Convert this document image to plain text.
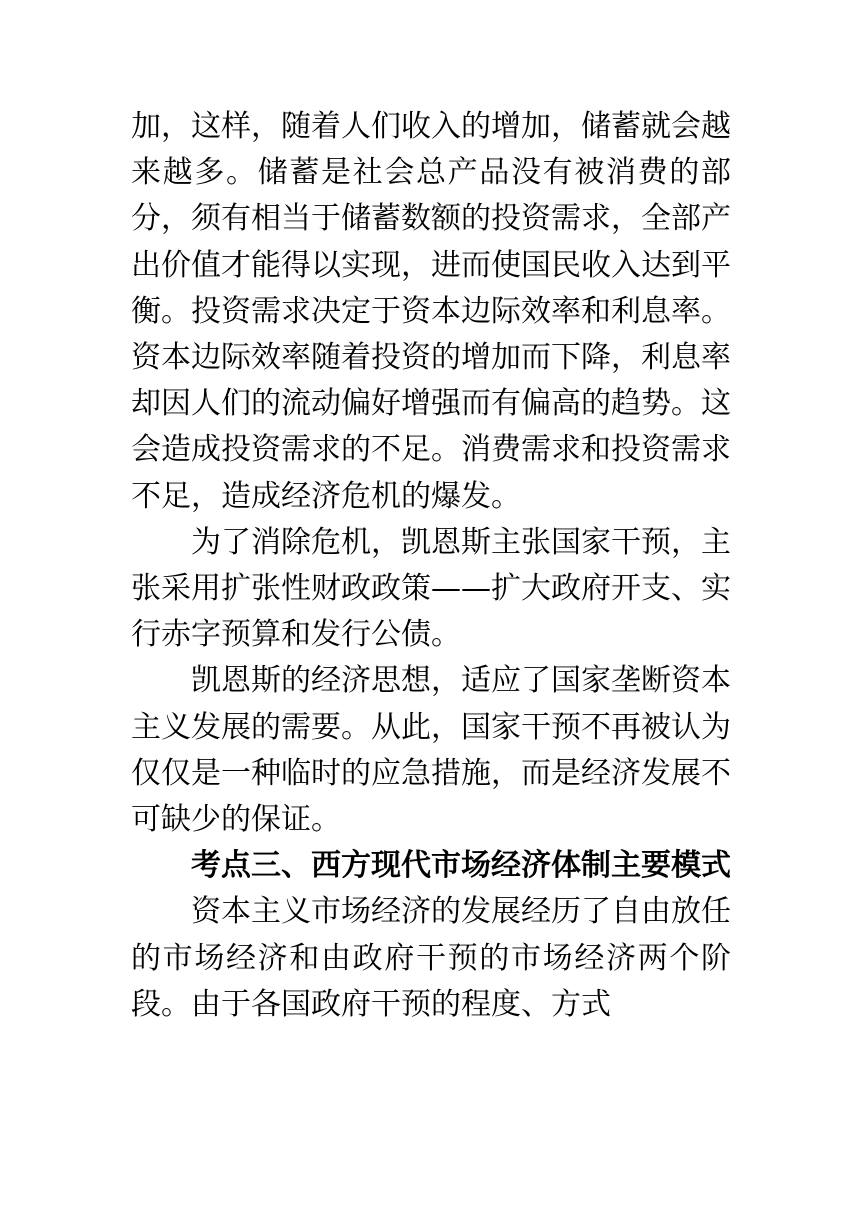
加，这样，随着人们收入的增加，储蓄就会越来越多。储蓄是社会总产品没有被消费的部分，须有相当于储蓄数额的投资需求，全部产出价值才能得以实现，进而使国民收入达到平衡。投资需求决定于资本边际效率和利息率。资本边际效率随着投资的增加而下降，利息率却因人们的流动偏好增强而有偏高的趋势。这会造成投资需求的不足。消费需求和投资需求不足，造成经济危机的爆发。

为了消除危机，凯恩斯主张国家干预，主张采用扩张性财政政策——扩大政府开支、实行赤字预算和发行公债。

凯恩斯的经济思想，适应了国家垄断资本主义发展的需要。从此，国家干预不再被认为仅仅是一种临时的应急措施，而是经济发展不可缺少的保证。

考点三、西方现代市场经济体制主要模式

资本主义市场经济的发展经历了自由放任的市场经济和由政府干预的市场经济两个阶段。由于各国政府干预的程度、方式
